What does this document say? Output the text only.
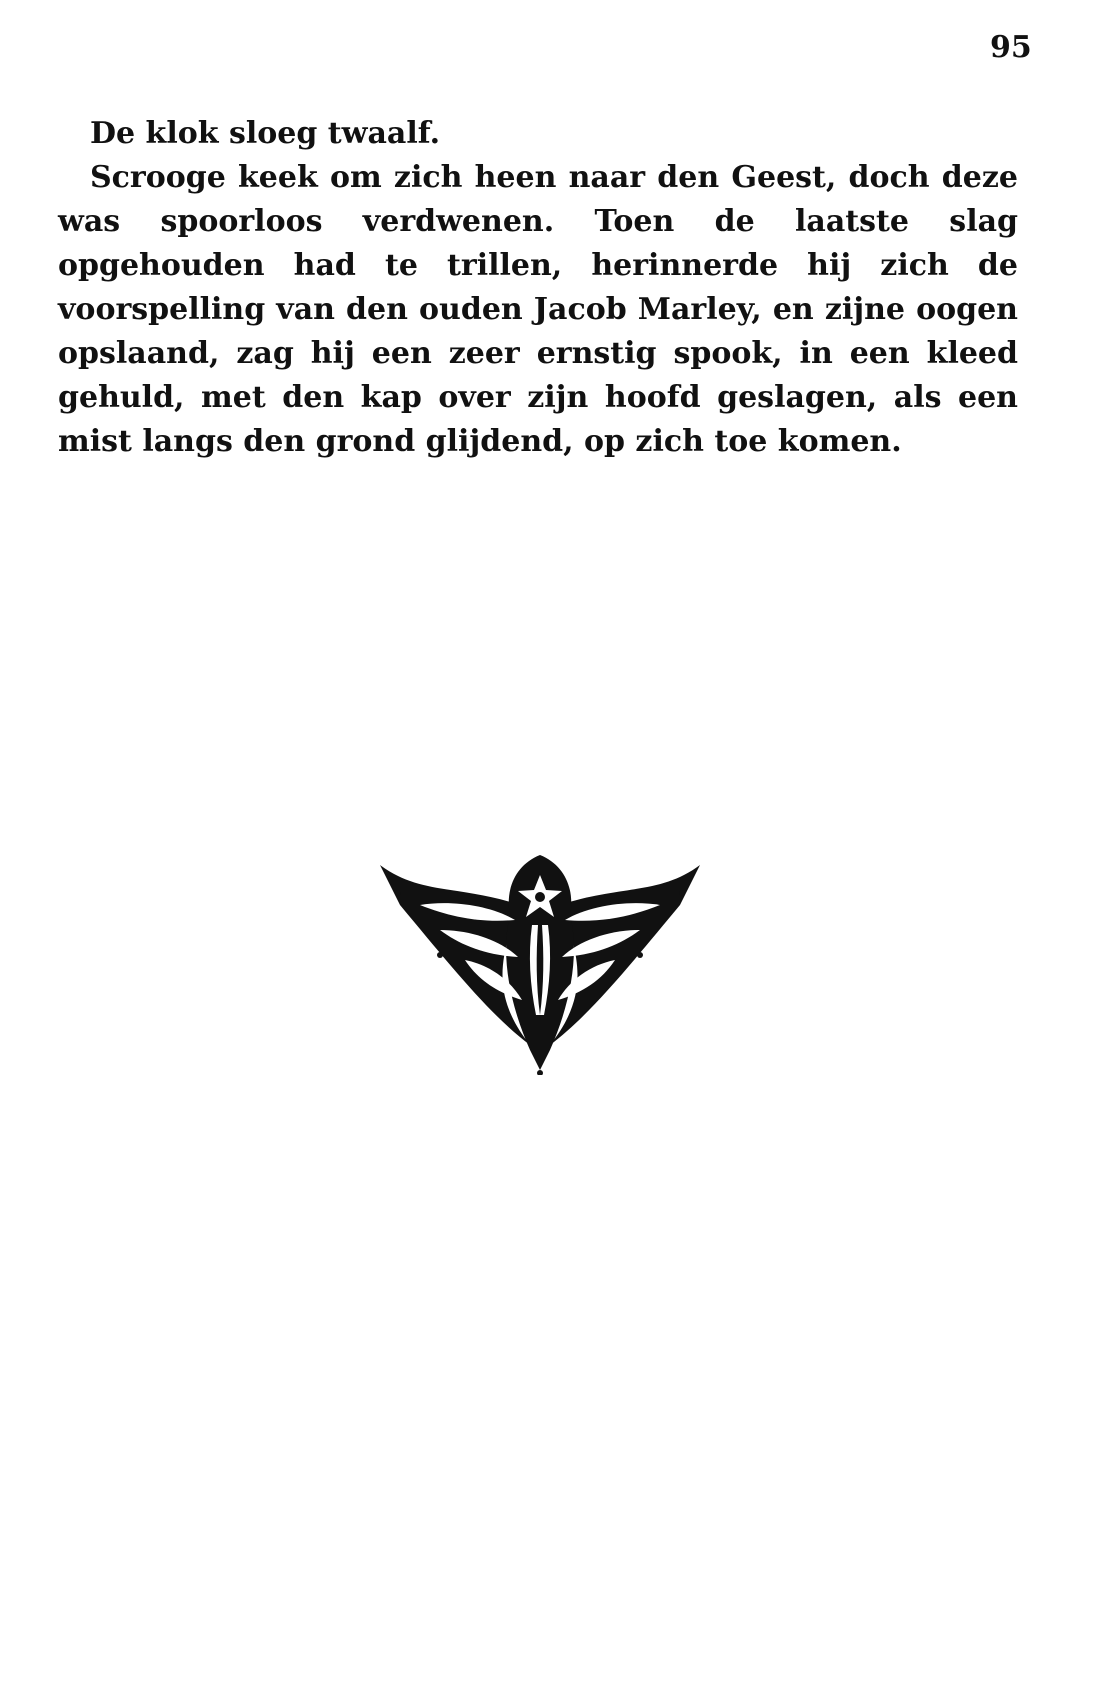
95

De klok sloeg twaalf.

Scrooge keek om zich heen naar den Geest, doch deze was spoorloos verdwenen. Toen de laatste slag opgehouden had te trillen, herinnerde hij zich de voorspelling van den ouden Jacob Marley, en zijne oogen opslaand, zag hij een zeer ernstig spook, in een kleed gehuld, met den kap over zijn hoofd geslagen, als een mist langs den grond glijdend, op zich toe komen.
